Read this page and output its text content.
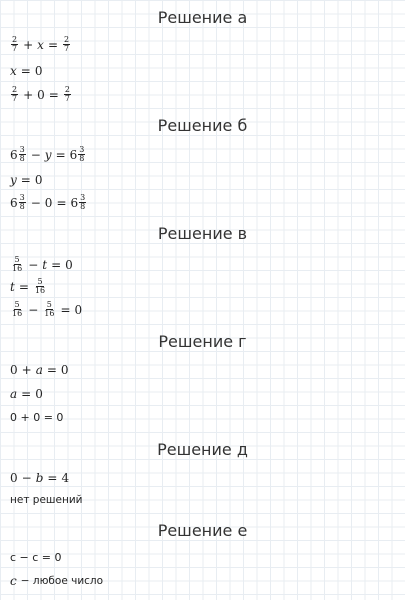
Решение а
$\frac{2}{7} + x = \frac{2}{7}$
x = 0
$\frac{2}{7} + 0 = \frac{2}{7}$
Решение б
$6 \frac{3}{8} - y = 6 \frac{3}{8}$
y = 0
$6 \frac{3}{8} - 0 = 6 \frac{3}{8}$
Решение в
$\frac{5}{16} - t = 0$
$t = \frac{5}{16}$
$\frac{5}{16} - \frac{5}{16} = 0$
Решение г
0 + a = 0
a = 0
0 + 0 = 0
Решение д
0 − b = 4
нет решений
Решение е
c − c = 0
c − любое число
